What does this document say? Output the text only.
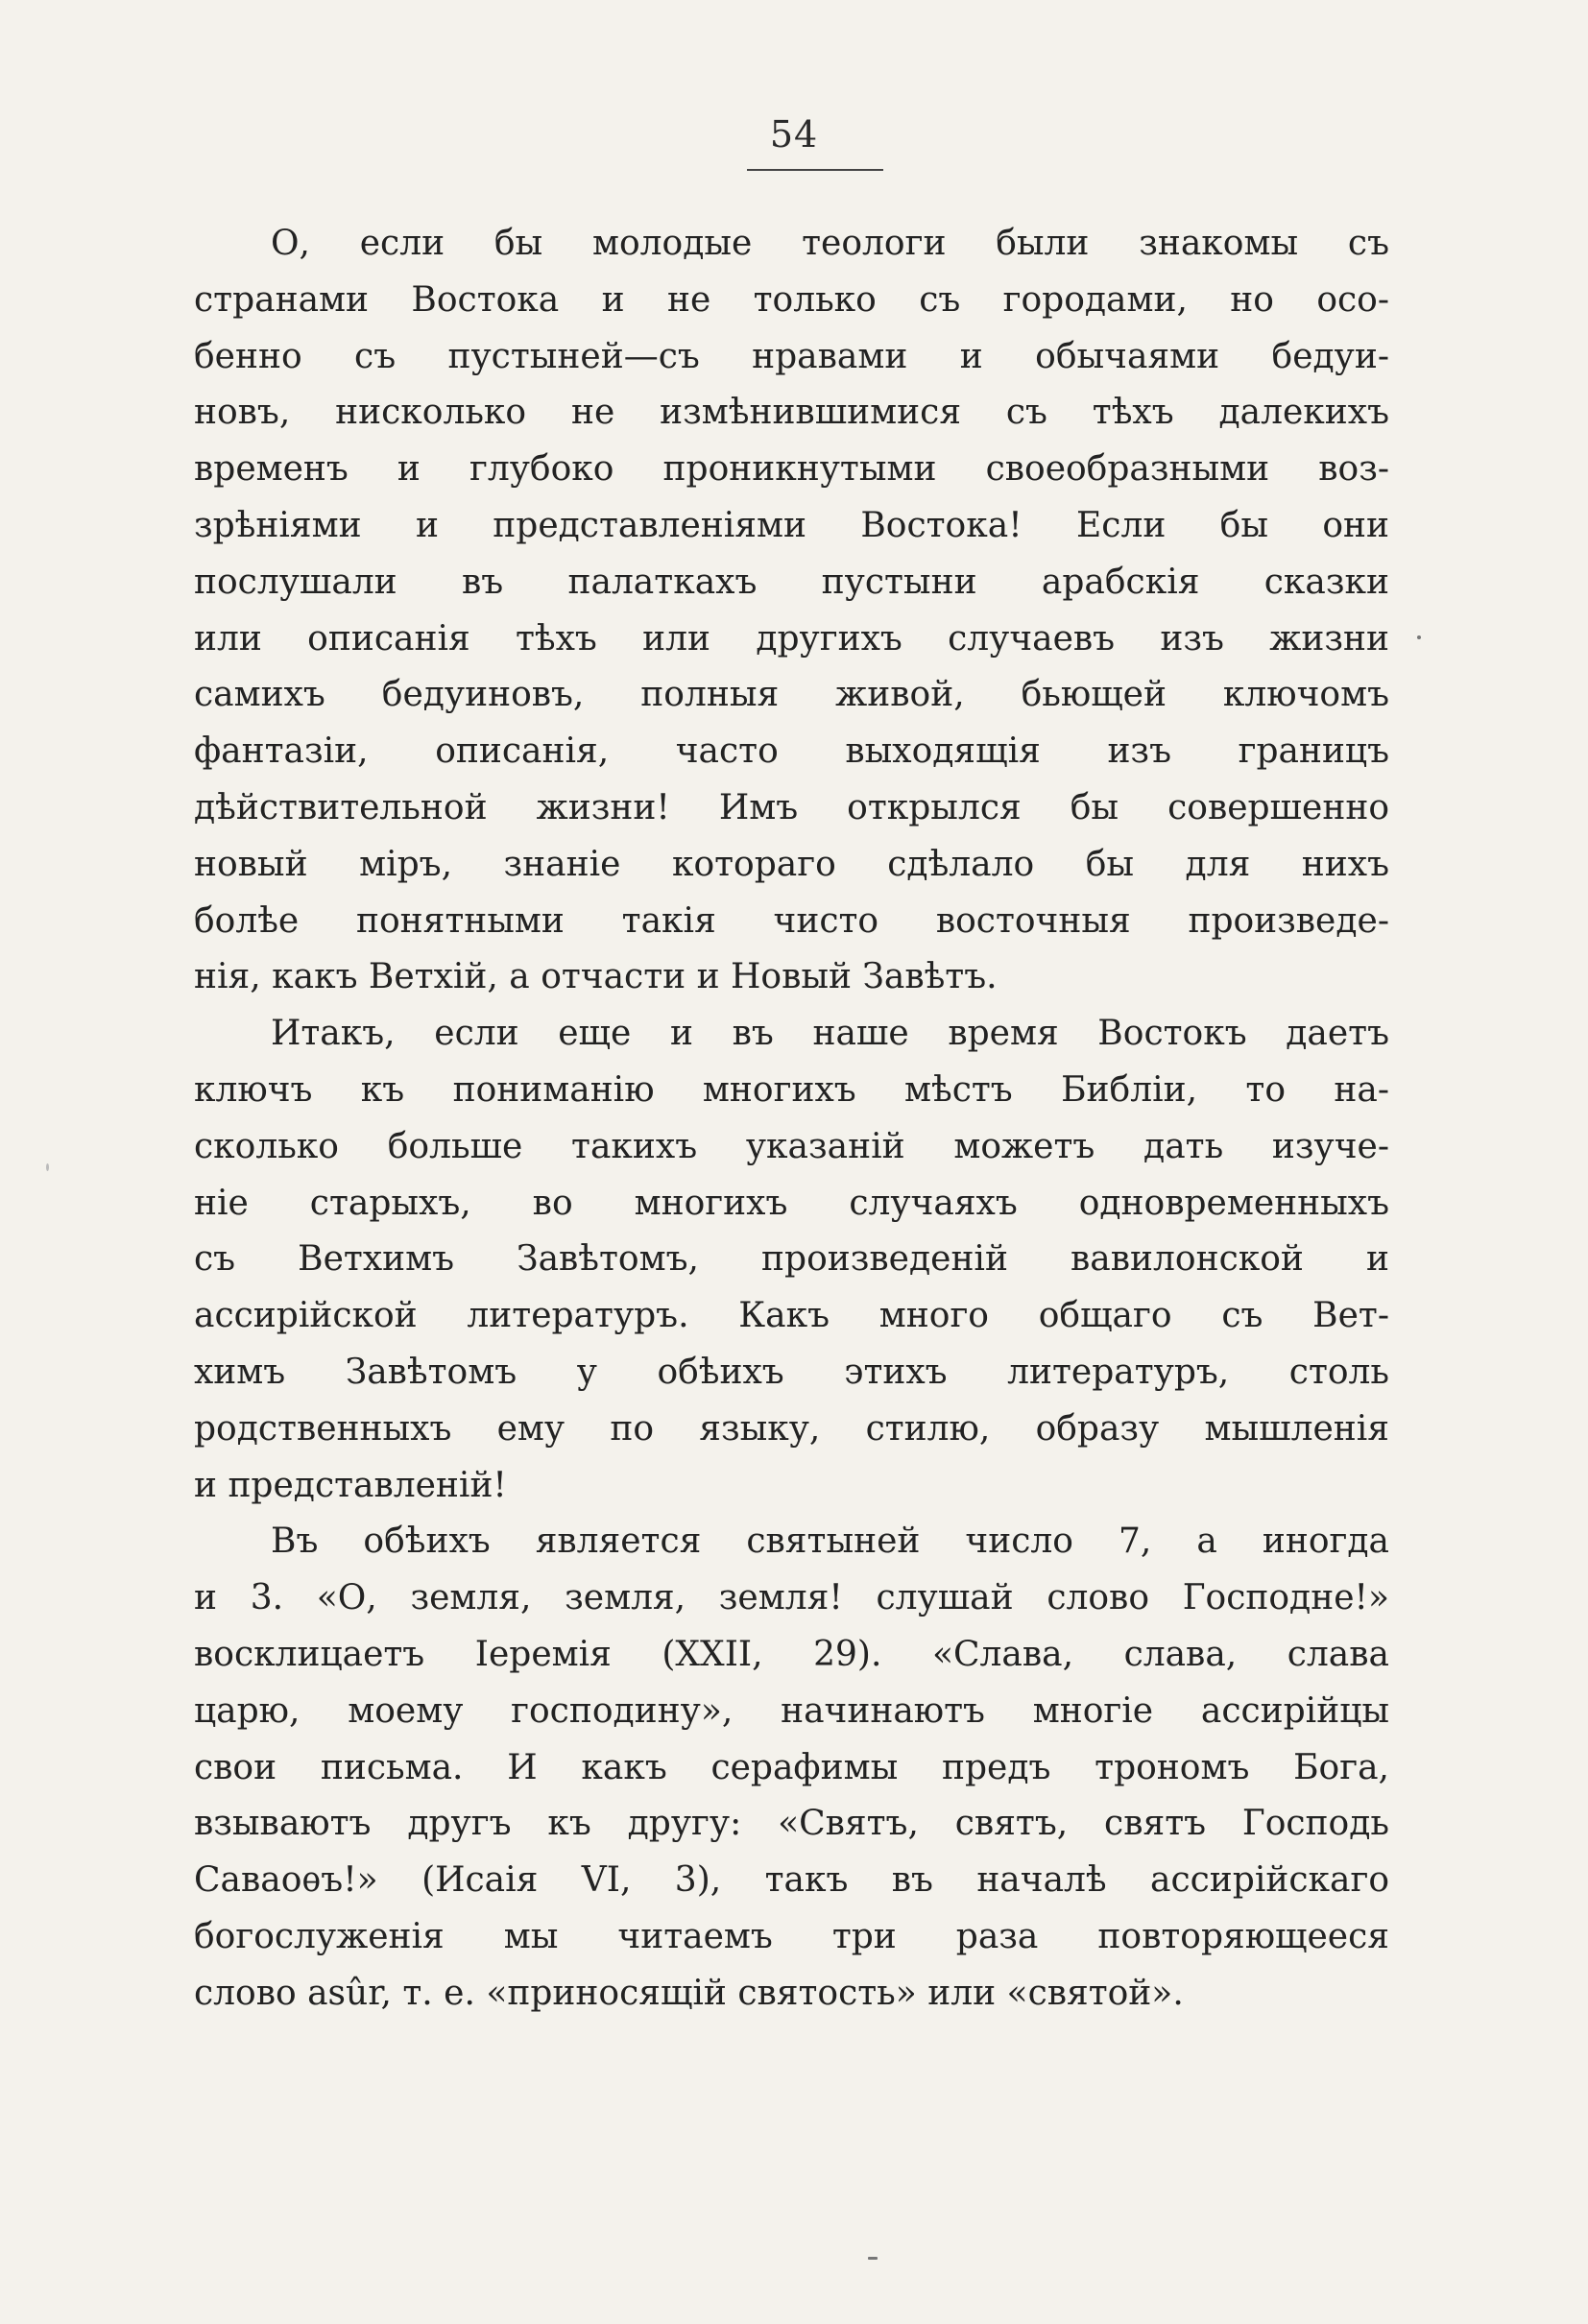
54
О, если бы молодые теологи были знакомы съ
странами Востока и не только съ городами, но осо-
бенно съ пустыней—съ нравами и обычаями бедуи-
новъ, нисколько не измѣнившимися съ тѣхъ далекихъ
временъ и глубоко проникнутыми своеобразными воз-
зрѣніями и представленіями Востока! Если бы они
послушали въ палаткахъ пустыни арабскія сказки
или описанія тѣхъ или другихъ случаевъ изъ жизни
самихъ бедуиновъ, полныя живой, бьющей ключомъ
фантазіи, описанія, часто выходящія изъ границъ
дѣйствительной жизни! Имъ открылся бы совершенно
новый міръ, знаніе котораго сдѣлало бы для нихъ
болѣе понятными такія чисто восточныя произведе-
нія, какъ Ветхій, а отчасти и Новый Завѣтъ.
Итакъ, если еще и въ наше время Востокъ даетъ
ключъ къ пониманію многихъ мѣстъ Библіи, то на-
сколько больше такихъ указаній можетъ дать изуче-
ніе старыхъ, во многихъ случаяхъ одновременныхъ
съ Ветхимъ Завѣтомъ, произведеній вавилонской и
ассирійской литературъ. Какъ много общаго съ Вет-
химъ Завѣтомъ у обѣихъ этихъ литературъ, столь
родственныхъ ему по языку, стилю, образу мышленія
и представленій!
Въ обѣихъ является святыней число 7, а иногда
и 3. «О, земля, земля, земля! слушай слово Господне!»
восклицаетъ Іеремія (XXII, 29). «Слава, слава, слава
царю, моему господину», начинаютъ многіе ассирійцы
свои письма. И какъ серафимы предъ трономъ Бога,
взываютъ другъ къ другу: «Святъ, святъ, святъ Господь
Саваоѳъ!» (Исаія VI, 3), такъ въ началѣ ассирійскаго
богослуженія мы читаемъ три раза повторяющееся
слово asûr, т. е. «приносящій святость» или «святой».
